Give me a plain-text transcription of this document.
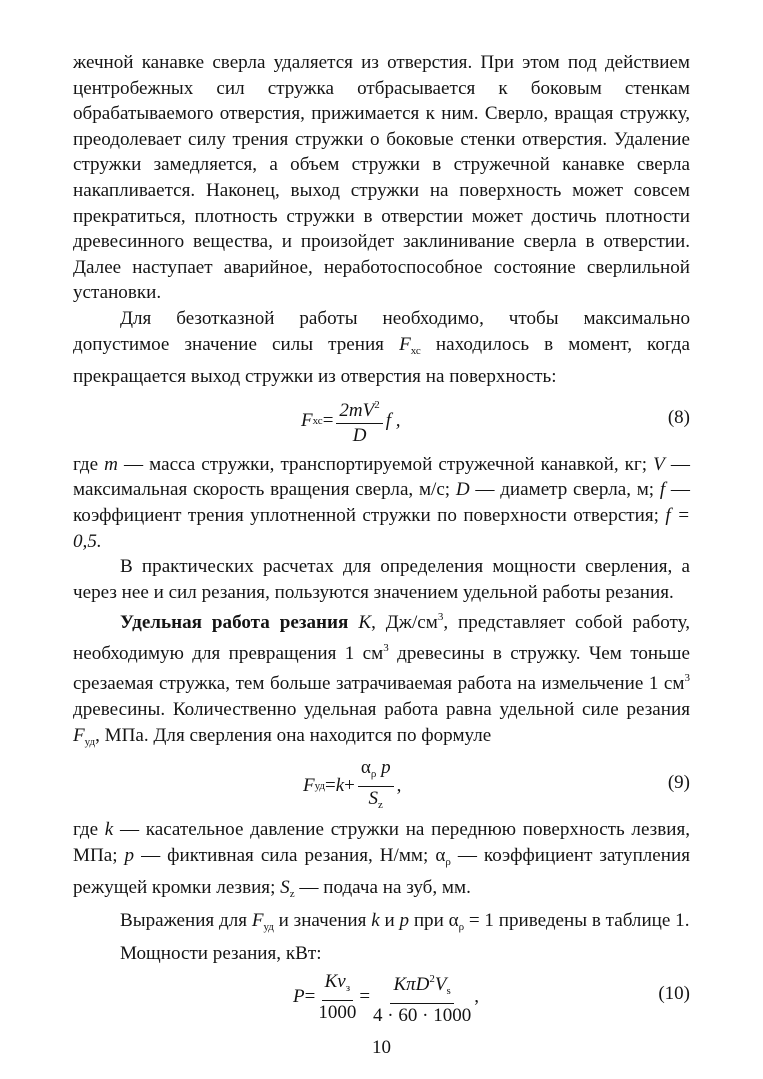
жечной канавке сверла удаляется из отверстия. При этом под действием центробежных сил стружка отбрасывается к боковым стенкам обрабатываемого отверстия, прижимается к ним. Сверло, вращая стружку, преодолевает силу трения стружки о боковые стенки отверстия. Удаление стружки замедляется, а объем стружки в стружечной канавке сверла накапливается. Наконец, выход стружки на поверхность может совсем прекратиться, плотность стружки в отверстии может достичь плотности древесинного вещества, и произойдет заклинивание сверла в отверстии. Далее наступает аварийное, неработоспособное состояние сверлильной установки.

Для безотказной работы необходимо, чтобы максимально допустимое значение силы трения $F_{хс}$ находилось в момент, когда прекращается выход стружки из отверстия на поверхность:

F хс = $\frac{2mV^2}{D}$ f ,	(8)

где m — масса стружки, транспортируемой стружечной канавкой, кг; V — максимальная скорость вращения сверла, м/с; D — диаметр сверла, м; f — коэффициент трения уплотненной стружки по поверхности отверстия; f = 0,5.

В практических расчетах для определения мощности сверления, а через нее и сил резания, пользуются значением удельной работы резания.

Удельная работа резания K, $Дж/см^3$, представляет собой работу, необходимую для превращения 1 $см^3$ древесины в стружку. Чем тоньше срезаемая стружка, тем больше затрачиваемая работа на измельчение 1 $см^3$ древесины. Количественно удельная работа равна удельной силе резания $F_{уд}$, МПа. Для сверления она находится по формуле

F уд = $k + \frac{\alpha_\rho p}{S_z}$ ,	(9)

где k — касательное давление стружки на переднюю поверхность лезвия, МПа; p — фиктивная сила резания, Н/мм; $\alpha_\rho$ — коэффициент затупления режущей кромки лезвия; $S_z$ — подача на зуб, мм.

Выражения для $F_{уд}$ и значения k и p при $\alpha_\rho = 1$ приведены в таблице 1.

Мощности резания, кВт:

$P = \frac{Kv_з}{1000} = \frac{K\pi D^2V_s}{4 \cdot 60 \cdot 1000}$ ,	(10)
10
